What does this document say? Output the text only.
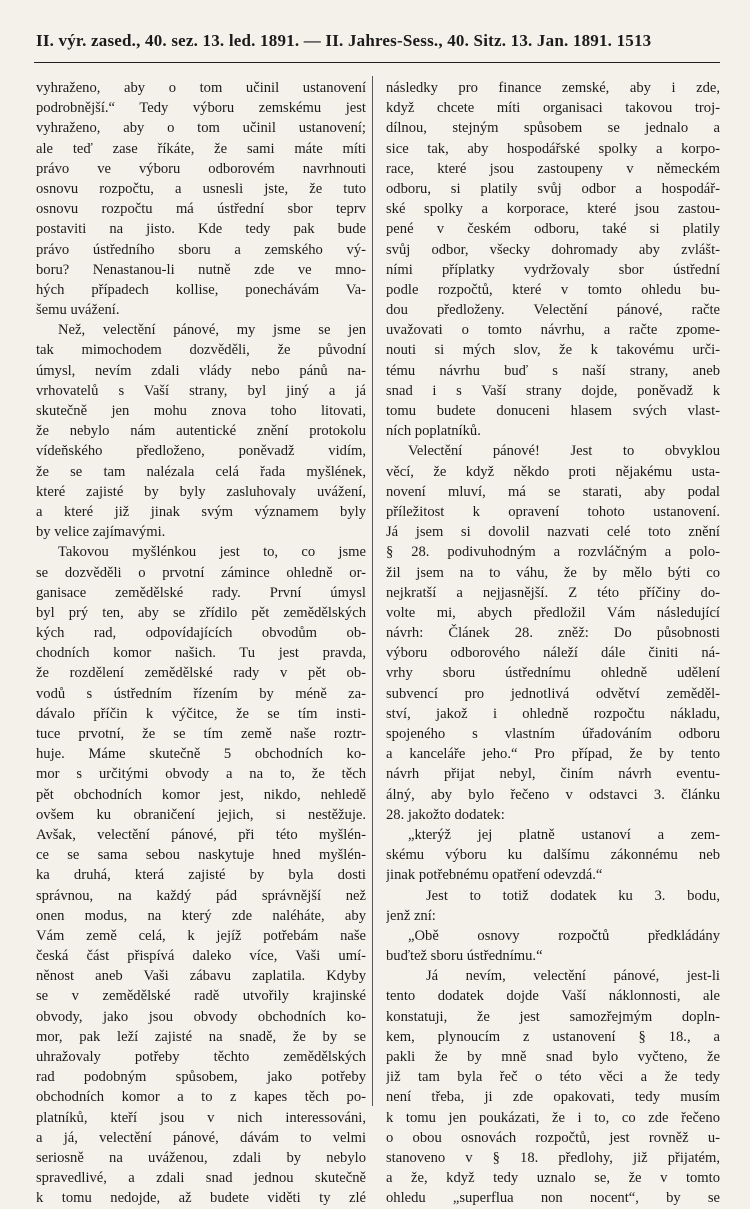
II. výr. zased., 40. sez. 13. led. 1891. — II. Jahres-Sess., 40. Sitz. 13. Jan. 1891. 1513
vyhraženo, aby o tom učinil ustanovení
podrobnější.“ Tedy výboru zemskému jest
vyhraženo, aby o tom učinil ustanovení;
ale teď zase říkáte, že sami máte míti
právo ve výboru odborovém navrhnouti
osnovu rozpočtu, a usnesli jste, že tuto
osnovu rozpočtu má ústřední sbor teprv
postaviti na jisto. Kde tedy pak bude
právo ústředního sboru a zemského vý-
boru? Nenastanou-li nutně zde ve mno-
hých případech kollise, ponechávám Va-
šemu uvážení.
Než, velectění pánové, my jsme se jen
tak mimochodem dozvěděli, že původní
úmysl, nevím zdali vlády nebo pánů na-
vrhovatelů s Vaší strany, byl jiný a já
skutečně jen mohu znova toho litovati,
že nebylo nám autentické znění protokolu
vídeňského předloženo, poněvadž vidím,
že se tam nalézala celá řada myšlének,
které zajisté by byly zasluhovaly uvážení,
a které již jinak svým významem byly
by velice zajímavými.
Takovou myšlénkou jest to, co jsme
se dozvěděli o prvotní zámince ohledně or-
ganisace zemědělské rady. První úmysl
byl prý ten, aby se zřídilo pět zemědělských
kých rad, odpovídajících obvodům ob-
chodních komor našich. Tu jest pravda,
že rozdělení zemědělské rady v pět ob-
vodů s ústředním řízením by méně za-
dávalo příčin k výčitce, že se tím insti-
tuce prvotní, že se tím země naše roztr-
huje. Máme skutečně 5 obchodních ko-
mor s určitými obvody a na to, že těch
pět obchodních komor jest, nikdo, nehledě
ovšem ku obraničení jejich, si nestěžuje.
Avšak, velectění pánové, při této myšlén-
ce se sama sebou naskytuje hned myšlén-
ka druhá, která zajisté by byla dosti
správnou, na každý pád správnější než
onen modus, na který zde naléháte, aby
Vám země celá, k jejíž potřebám naše
česká část přispívá daleko více, Vaši umí-
něnost aneb Vaši zábavu zaplatila. Kdyby
se v zemědělské radě utvořily krajinské
obvody, jako jsou obvody obchodních ko-
mor, pak leží zajisté na snadě, že by se
uhražovaly potřeby těchto zemědělských
rad podobným spůsobem, jako potřeby
obchodních komor a to z kapes těch po-
platníků, kteří jsou v nich interessováni,
a já, velectění pánové, dávám to velmi
seriosně na uváženou, zdali by nebylo
spravedlivé, a zdali snad jednou skutečně
k tomu nedojde, až budete viděti ty zlé
následky pro finance zemské, aby i zde,
když chcete míti organisaci takovou troj-
dílnou, stejným spůsobem se jednalo a
sice tak, aby hospodářské spolky a korpo-
race, které jsou zastoupeny v německém
odboru, si platily svůj odbor a hospodář-
ské spolky a korporace, které jsou zastou-
pené v českém odboru, také si platily
svůj odbor, všecky dohromady aby zvlášt-
ními příplatky vydržovaly sbor ústřední
podle rozpočtů, které v tomto ohledu bu-
dou předloženy. Velectění pánové, račte
uvažovati o tomto návrhu, a račte zpome-
nouti si mých slov, že k takovému urči-
tému návrhu buď s naší strany, aneb
snad i s Vaší strany dojde, poněvadž k
tomu budete donuceni hlasem svých vlast-
ních poplatníků.
Velectění pánové! Jest to obvyklou
věcí, že když někdo proti nějakému usta-
novení mluví, má se starati, aby podal
příležitost k opravení tohoto ustanovení.
Já jsem si dovolil nazvati celé toto znění
§ 28. podivuhodným a rozvláčným a polo-
žil jsem na to váhu, že by mělo býti co
nejkratší a nejjasnější. Z této příčiny do-
volte mi, abych předložil Vám následující
návrh: Článek 28. zněž: Do působnosti
výboru odborového náleží dále činiti ná-
vrhy sboru ústřednímu ohledně udělení
subvencí pro jednotlivá odvětví zeměděl-
ství, jakož i ohledně rozpočtu nákladu,
spojeného s vlastním úřadováním odboru
a kanceláře jeho.“ Pro případ, že by tento
návrh přijat nebyl, činím návrh eventu-
álný, aby bylo řečeno v odstavci 3. článku
28. jakožto dodatek:
„kterýž jej platně ustanoví a zem-
skému výboru ku dalšímu zákonnému neb
jinak potřebnému opatření odevzdá.“
Jest to totiž dodatek ku 3. bodu,
jenž zní:
„Obě osnovy rozpočtů předkládány
buďtež sboru ústřednímu.“
Já nevím, velectění pánové, jest-li
tento dodatek dojde Vaší náklonnosti, ale
konstatuji, že jest samozřejmým dopln-
kem, plynoucím z ustanovení § 18., a
pakli že by mně snad bylo vyčteno, že
již tam byla řeč o této věci a že tedy
není třeba, ji zde opakovati, tedy musím
k tomu jen poukázati, že i to, co zde řečeno
o obou osnovách rozpočtů, jest rovněž u-
stanoveno v § 18. předlohy, již přijatém,
a že, když tedy uznalo se, že v tomto
ohledu „superflua non nocent“, by se
